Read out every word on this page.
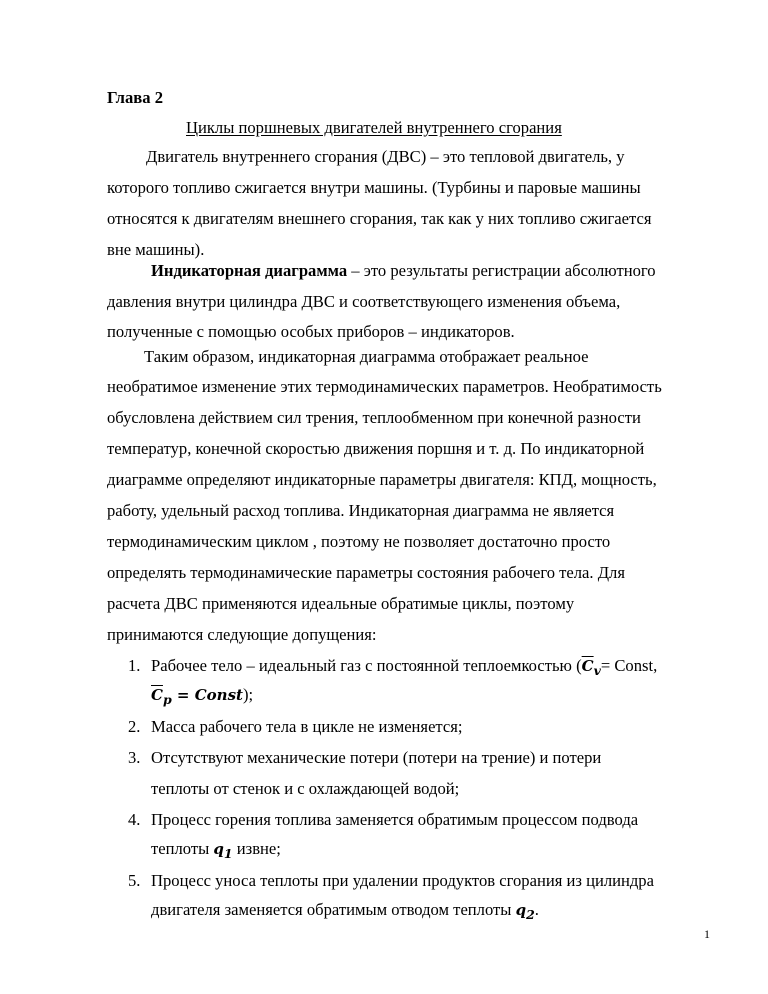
Глава 2
Циклы поршневых двигателей внутреннего сгорания
Двигатель внутреннего сгорания (ДВС) – это тепловой двигатель, у
которого топливо сжигается внутри машины. (Турбины и паровые машины
относятся к двигателям внешнего сгорания, так как у них топливо сжигается
вне машины).
Индикаторная диаграмма – это результаты регистрации абсолютного
давления внутри цилиндра ДВС и соответствующего изменения объема,
полученные с помощью особых приборов – индикаторов.
Таким образом, индикаторная диаграмма отображает реальное
необратимое изменение этих термодинамических параметров. Необратимость
обусловлена действием сил трения, теплообменном при конечной разности
температур, конечной скоростью движения поршня и т. д. По индикаторной
диаграмме определяют индикаторные параметры двигателя: КПД, мощность,
работу, удельный расход топлива. Индикаторная диаграмма не является
термодинамическим циклом , поэтому не позволяет достаточно просто
определять термодинамические параметры состояния рабочего тела. Для
расчета ДВС применяются идеальные обратимые циклы, поэтому
принимаются следующие допущения:
1. Рабочее тело – идеальный газ с постоянной теплоемкостью ($\overline{C}_v=$ Const,
$\overline{C}_p$ = Const);
2. Масса рабочего тела в цикле не изменяется;
3. Отсутствуют механические потери (потери на трение) и потери
теплоты от стенок и с охлаждающей водой;
4. Процесс горения топлива заменяется обратимым процессом подвода
теплоты $q_1$ извне;
5. Процесс уноса теплоты при удалении продуктов сгорания из цилиндра
двигателя заменяется обратимым отводом теплоты $q_2$.
1
